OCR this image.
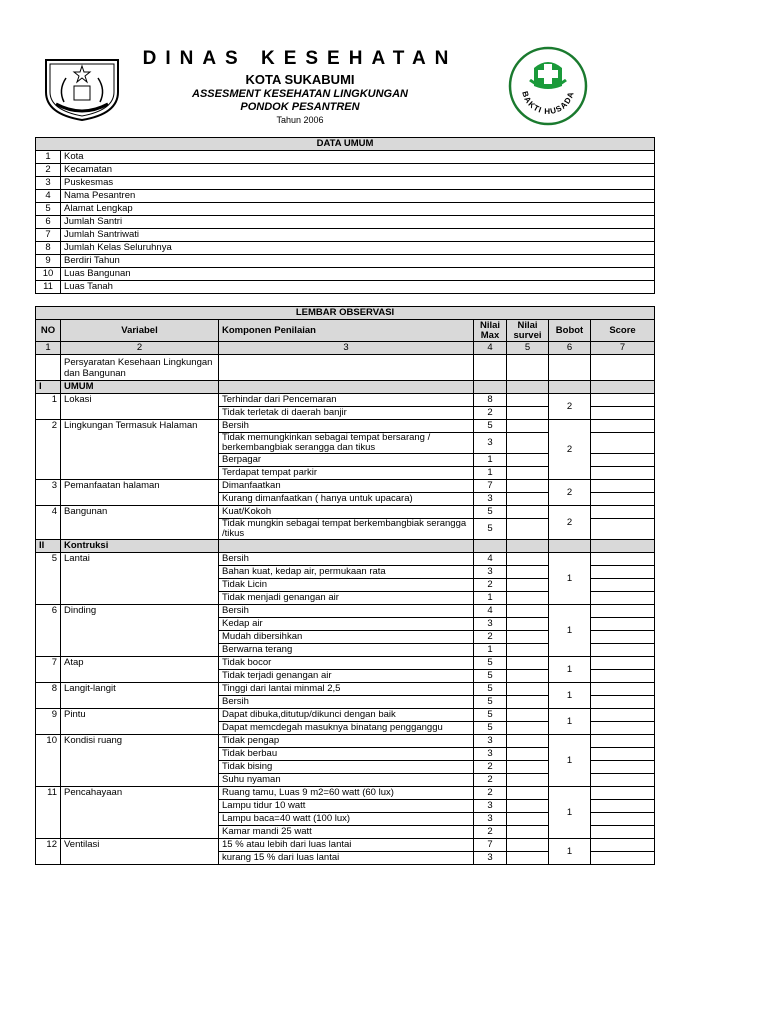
DINAS KESEHATAN
KOTA SUKABUMI
ASSESMENT KESEHATAN LINGKUNGAN
PONDOK PESANTREN
Tahun 2006
BAKTI HUSADA
DATA UMUM	
1	Kota
2	Kecamatan
3	Puskesmas
4	Nama Pesantren
5	Alamat Lengkap
6	Jumlah Santri
7	Jumlah Santriwati
8	Jumlah Kelas Seluruhnya
9	Berdiri Tahun
10	Luas Bangunan
11	Luas Tanah
LEMBAR OBSERVASI						
NO	Variabel	Komponen Penilaian	Nilai Max	Nilai survei	Bobot	Score
1	2	3	4	5	6	7
	Persyaratan Kesehaan Lingkungan dan Bangunan					
I	UMUM					
1	Lokasi	Terhindar dari Pencemaran	8		2	
		Tidak terletak di daerah banjir	2			
2	Lingkungan Termasuk Halaman	Bersih	5		2	
		Tidak memungkinkan sebagai tempat bersarang / berkembangbiak serangga dan tikus	3			
		Berpagar	1			
		Terdapat tempat parkir	1			
3	Pemanfaatan halaman	Dimanfaatkan	7		2	
		Kurang dimanfaatkan ( hanya untuk upacara)	3			
4	Bangunan	Kuat/Kokoh	5		2	
		Tidak mungkin sebagai tempat berkembangbiak serangga /tikus	5			
II	Kontruksi					
5	Lantai	Bersih	4		1	
		Bahan kuat, kedap air, permukaan rata	3			
		Tidak Licin	2			
		Tidak menjadi genangan air	1			
6	Dinding	Bersih	4		1	
		Kedap air	3			
		Mudah dibersihkan	2			
		Berwarna terang	1			
7	Atap	Tidak bocor	5		1	
		Tidak terjadi genangan air	5			
8	Langit-langit	Tinggi dari lantai minmal 2,5	5		1	
		Bersih	5			
9	Pintu	Dapat dibuka,ditutup/dikunci dengan baik	5		1	
		Dapat memcdegah masuknya binatang pengganggu	5			
10	Kondisi ruang	Tidak pengap	3		1	
		Tidak berbau	3			
		Tidak bising	2			
		Suhu nyaman	2			
11	Pencahayaan	Ruang tamu, Luas 9 m2=60 watt (60 lux)	2		1	
		Lampu tidur 10 watt	3			
		Lampu baca=40 watt (100 lux)	3			
		Kamar mandi 25 watt	2			
12	Ventilasi	15 % atau lebih dari luas lantai	7		1	
		kurang 15 % dari luas lantai	3			
